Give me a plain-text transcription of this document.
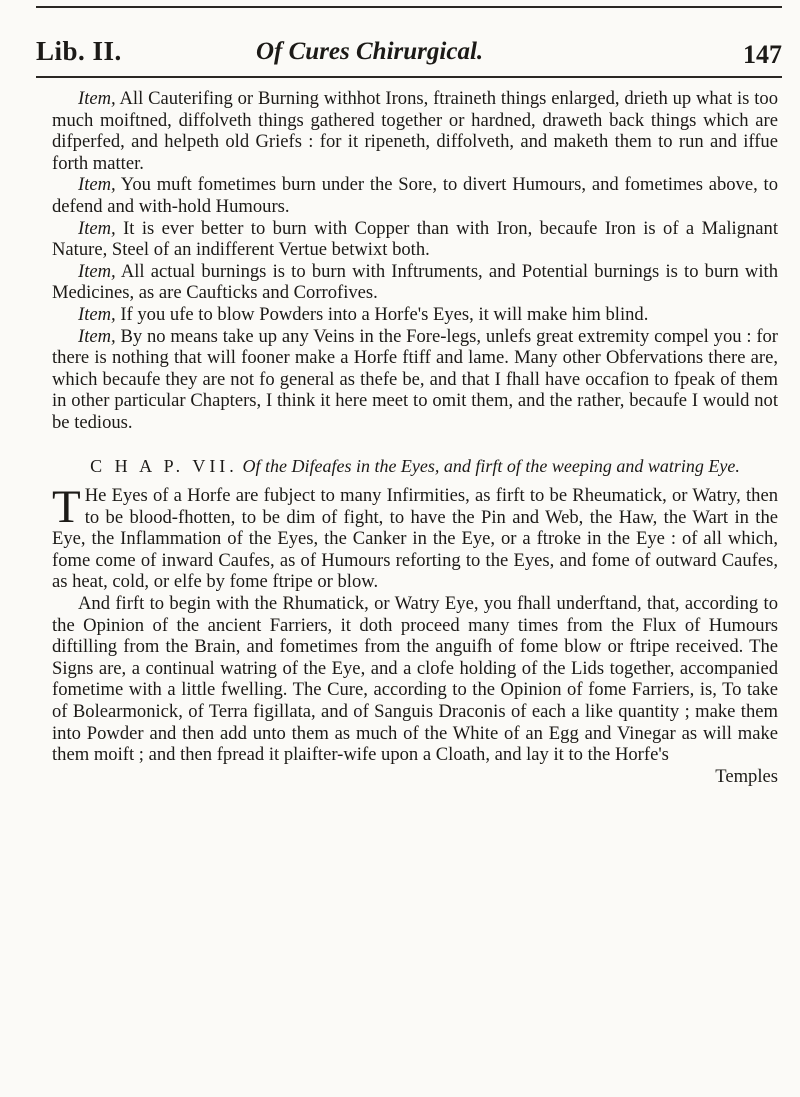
Lib. II.	Of Cures Chirurgical.	147

Item, All Cauterifing or Burning withhot Irons, ftraineth things enlarged, drieth up what is too much moiftned, diffolveth things gathered together or hardned, draweth back things which are difperfed, and helpeth old Griefs : for it ripeneth, diffolveth, and maketh them to run and iffue forth matter.

Item, You muft fometimes burn under the Sore, to divert Humours, and fometimes above, to defend and with-hold Humours.

Item, It is ever better to burn with Copper than with Iron, becaufe Iron is of a Malignant Nature, Steel of an indifferent Vertue betwixt both.

Item, All actual burnings is to burn with Inftruments, and Potential burnings is to burn with Medicines, as are Caufticks and Corrofives.

Item, If you ufe to blow Powders into a Horfe's Eyes, it will make him blind.

Item, By no means take up any Veins in the Fore-legs, unlefs great extremity compel you : for there is nothing that will fooner make a Horfe ftiff and lame. Many other Obfervations there are, which becaufe they are not fo general as thefe be, and that I fhall have occafion to fpeak of them in other particular Chapters, I think it here meet to omit them, and the rather, becaufe I would not be tedious.

C H A P. VII. Of the Difeafes in the Eyes, and firft of the weeping and watring Eye.

T He Eyes of a Horfe are fubject to many Infirmities, as firft to be Rheumatick, or Watry, then to be blood-fhotten, to be dim of fight, to have the Pin and Web, the Haw, the Wart in the Eye, the Inflammation of the Eyes, the Canker in the Eye, or a ftroke in the Eye : of all which, fome come of inward Caufes, as of Humours reforting to the Eyes, and fome of outward Caufes, as heat, cold, or elfe by fome ftripe or blow.

And firft to begin with the Rhumatick, or Watry Eye, you fhall underftand, that, according to the Opinion of the ancient Farriers, it doth proceed many times from the Flux of Humours diftilling from the Brain, and fometimes from the anguifh of fome blow or ftripe received. The Signs are, a continual watring of the Eye, and a clofe holding of the Lids together, accompanied fometime with a little fwelling. The Cure, according to the Opinion of fome Farriers, is, To take of Bolearmonick, of Terra figillata, and of Sanguis Draconis of each a like quantity ; make them into Powder and then add unto them as much of the White of an Egg and Vinegar as will make them moift ; and then fpread it plaifter-wife upon a Cloath, and lay it to the Horfe's

Temples
